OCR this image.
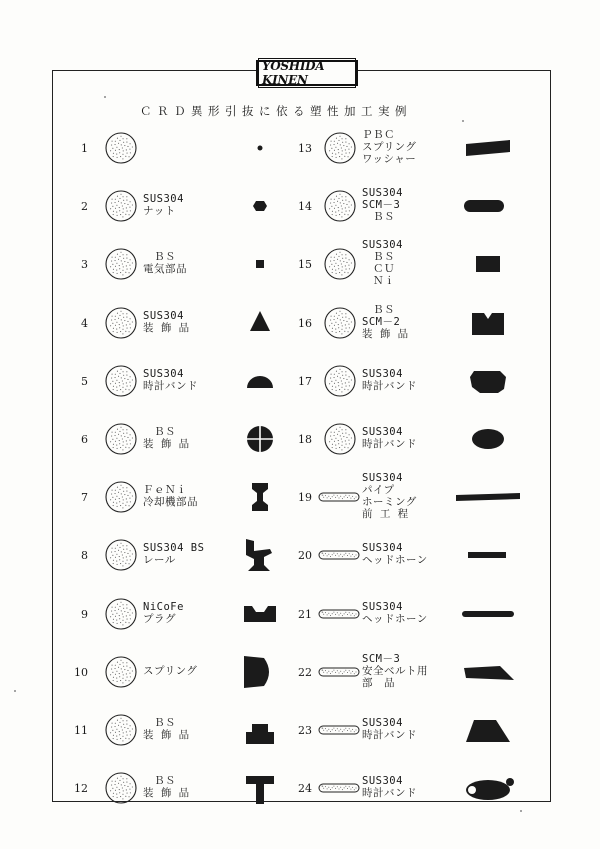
YOSHIDA KINEN
ＣＲＤ異形引抜に依る塑性加工実例
1
2
SUS304
ナット
3
　ＢＳ
電気部品
4
SUS304
装 飾 品
5
SUS304
時計バンド
6
　ＢＳ
装 飾 品
7
ＦｅＮｉ
冷却機部品
8
SUS304 BS
レール
9
NiCoFe
プラグ
10	スプリング
11
　ＢＳ
装 飾 品
12
　ＢＳ
装 飾 品
13
ＰＢＣ
スプリング
ワッシャー
14
SUS304
SCM－3
　ＢＳ
15
SUS304
　ＢＳ
　ＣＵ
　Ｎｉ
16
　ＢＳ
SCM－2
装 飾 品
17
SUS304
時計バンド
18
SUS304
時計バンド
19
SUS304
パイプ
ホーミング
前 工 程
20
SUS304
ヘッドホーン
21
SUS304
ヘッドホーン
22
SCM－3
安全ベルト用
部　品
23
SUS304
時計バンド
24
SUS304
時計バンド
